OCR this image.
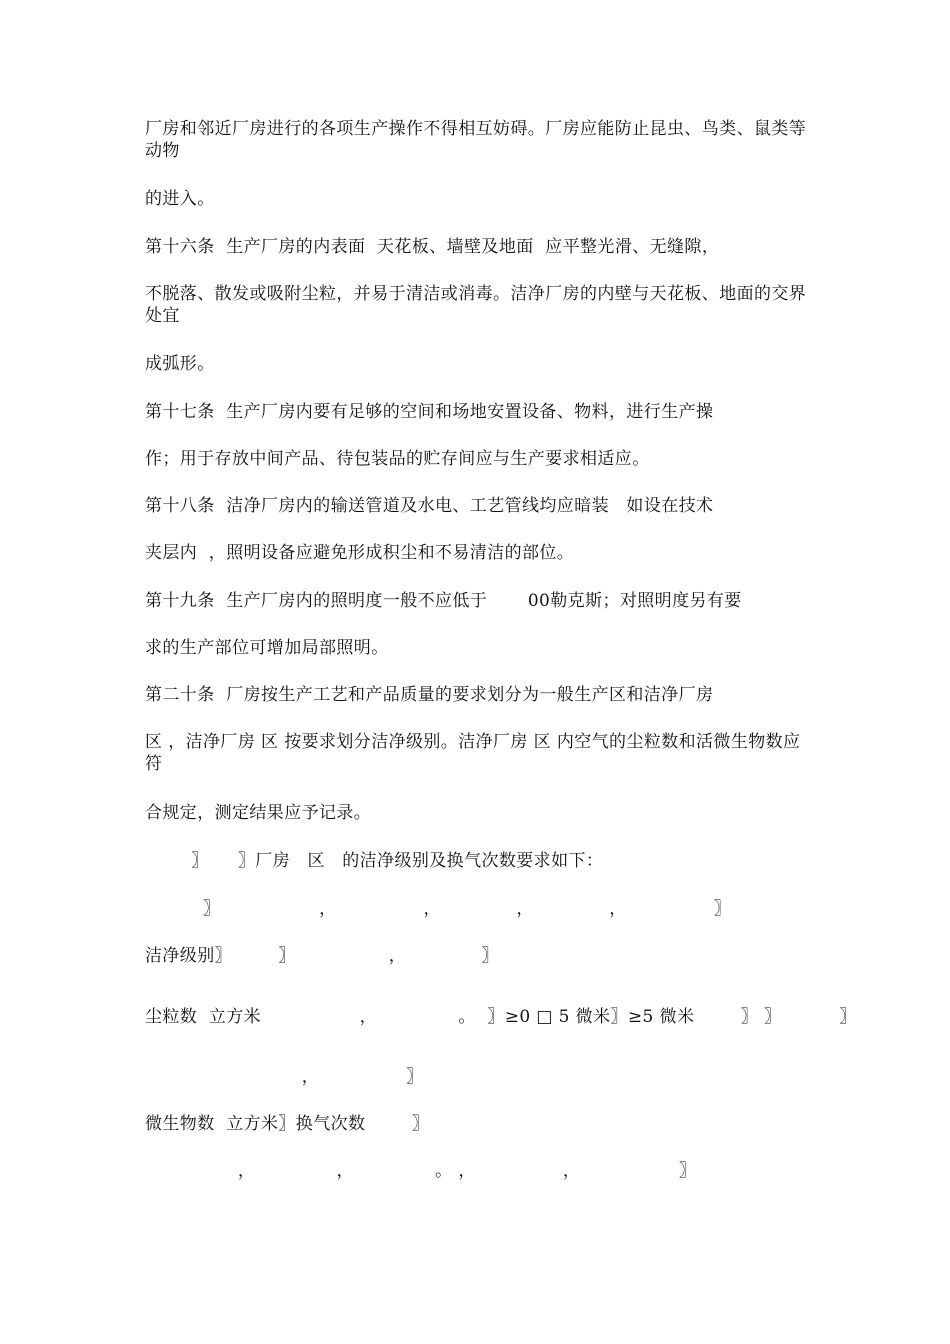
厂房和邻近厂房进行的各项生产操作不得相互妨碍。厂房应能防止昆虫、鸟类、鼠类等动物

的进入。

第十六条  生产厂房的内表面  天花板、墙壁及地面  应平整光滑、无缝隙，

不脱落、散发或吸附尘粒，并易于清洁或消毒。洁净厂房的内壁与天花板、地面的交界处宜

成弧形。

第十七条  生产厂房内要有足够的空间和场地安置设备、物料，进行生产操

作；用于存放中间产品、待包装品的贮存间应与生产要求相适应。

第十八条  洁净厂房内的输送管道及水电、工艺管线均应暗装   如设在技术

夹层内  ，照明设备应避免形成积尘和不易清洁的部位。

第十九条  生产厂房内的照明度一般不应低于       00勒克斯；对照明度另有要

求的生产部位可增加局部照明。

第二十条  厂房按生产工艺和产品质量的要求划分为一般生产区和洁净厂房

区 ，洁净厂房 区 按要求划分洁净级别。洁净厂房 区 内空气的尘粒数和活微生物数应符

合规定，测定结果应予记录。

〗     〗厂房   区   的洁净级别及换气次数要求如下：

〗                 ，               ，             ，             ，               〗

洁净级别〗        〗                ，             〗

尘粒数  立方米                 ，              。  〗≥0 □ 5 微米〗≥5 微米        〗 〗          〗

，               〗

微生物数  立方米〗换气次数        〗

，              ，              。 ，               ，                 〗
